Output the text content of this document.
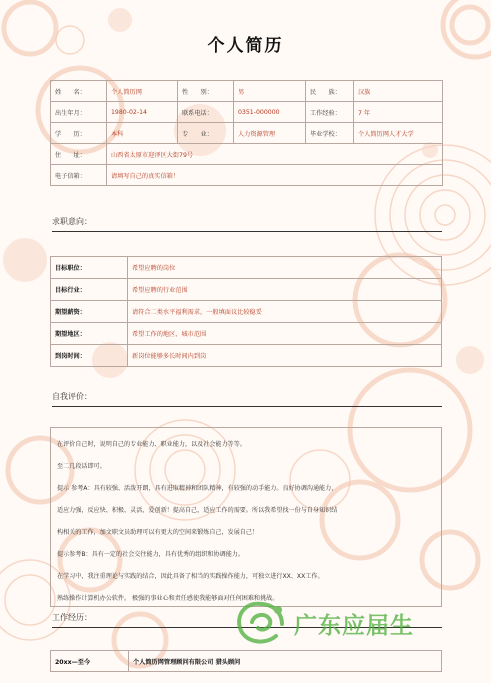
个人简历
姓　　名：	个人简历网	性　　别：	男	民　　族：	汉族
出生年月：	1980-02-14	联系电话：	0351-000000	工作经验：	7 年
学　　历：	本科	专　　业：	人力资源管理	毕业学校：	个人简历网人才大学
住　　址：	山西省太原市迎泽区大街79号				
电子信箱：	请填写自己的真实信箱！				
求职意向：
目标职位：	希望应聘的岗位
目标行业：	希望应聘的行业范围
期望薪资：	请符合二类水平福利需求，一般填面议比较稳妥
期望地区：	希望工作的地区、城市范围
到岗时间：	新岗位能够多长时间内到岗
自我评价：

在评价自己时，说明自己的专业能力、职业能力，以及社会能力等等。

至二几段话即可。

提示 参考A：具有较强、活泼开朗，具有进取精神和团队精神，有较强的动手能力。良好协调沟通能力，

适应力强，反应快、积极、灵活，爱创新！提高自己，适应工作的需要。所以我希望找一份与自身知识结

构相关的工作，加文职文员助理可以有更大的空间来锻炼自己，发展自己！

提示参考B：具有一定的社会交往能力，具有优秀的组织和协调能力。

在学习中，我注重理论与实践的结合，因此具备了相当的实践操作能力，可独立进行XX、XX工作。

熟练操作计算机办公软件。 极强的事业心和责任感使我能够面对任何困难和挑战。

工作经历：
20xx—至今	个人简历网管理顾问有限公司 猎头顾问
广东应届生
